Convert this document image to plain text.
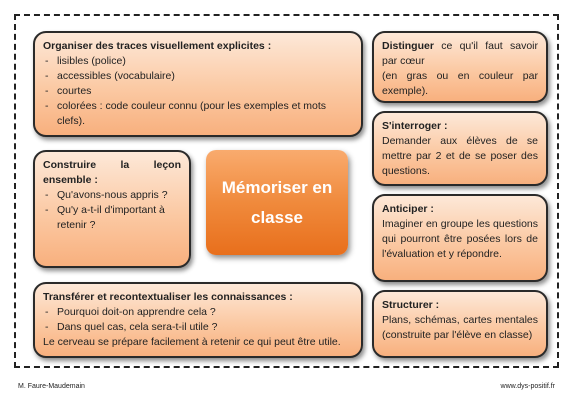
Organiser des traces visuellement explicites :
- lisibles (police)
- accessibles (vocabulaire)
- courtes
- colorées : code couleur connu (pour les exemples et mots clefs).
Construire la leçon ensemble :
- Qu'avons-nous appris ?
- Qu'y a-t-il d'important à retenir ?
Mémoriser en classe
Transférer et recontextualiser les connaissances :
- Pourquoi doit-on apprendre cela ?
- Dans quel cas, cela sera-t-il utile ?
Le cerveau se prépare facilement à retenir ce qui peut être utile.
Distinguer ce qu'il faut savoir par cœur
(en gras ou en couleur par exemple).
S'interroger :
Demander aux élèves de se mettre par 2 et de se poser des questions.
Anticiper :
Imaginer en groupe les questions qui pourront être posées lors de l'évaluation et y répondre.
Structurer :
Plans, schémas, cartes mentales (construite par l'élève en classe)
M. Faure-Maudemain	www.dys-positif.fr
